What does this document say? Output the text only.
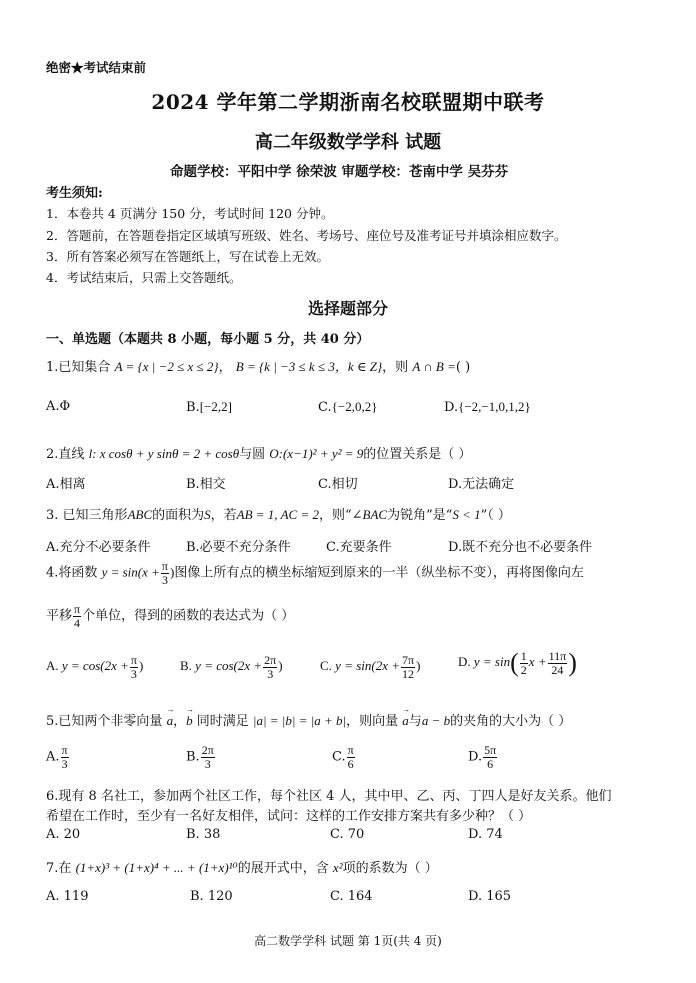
绝密★考试结束前
2024 学年第二学期浙南名校联盟期中联考
高二年级数学学科 试题
命题学校：平阳中学 徐荣波 审题学校：苍南中学 吴芬芬
考生须知:
1．本卷共 4 页满分 150 分，考试时间 120 分钟。
2．答题前，在答题卷指定区域填写班级、姓名、考场号、座位号及准考证号并填涂相应数字。
3．所有答案必须写在答题纸上，写在试卷上无效。
4．考试结束后，只需上交答题纸。
选择题部分
一、单选题（本题共 8 小题，每小题 5 分，共 40 分）
1.已知集合 A = {x | −2 ≤ x ≤ 2}， B = {k | −3 ≤ k ≤ 3，k ∈ Z}，则 A ∩ B =( )
A.Φ	B.[−2,2]	C.{−2,0,2}	D.{−2,−1,0,1,2}
2.直线 l: x cosθ + y sinθ = 2 + cosθ与圆 O:(x−1)² + y² = 9的位置关系是（ ）
A.相离	B.相交	C.相切	D.无法确定
3. 已知三角形ABC的面积为S，若AB = 1, AC = 2，则“∠BAC为锐角”是“S < 1”（ ）
A.充分不必要条件	B.必要不充分条件	C.充要条件	D.既不充分也不必要条件
4.将函数 $y = \sin(x + \frac{\pi}{3}$ )图像上所有点的横坐标缩短到原来的一半（纵坐标不变），再将图像向左
平移 $\frac{\pi}{4}$ 个单位，得到的函数的表达式为（ ）
A. $y = \cos(2x + \frac{\pi}{3}$ )	B. $y = \cos(2x + \frac{2\pi}{3}$ )	C. $y = \sin(2x + \frac{7\pi}{12}$ )	D. $y = \sin( \frac{1}{2}$ $x + \frac{11\pi}{24}$ )
5.已知两个非零向量 → a，→ b 同时满足 |a| = |b| = |a + b|，则向量 → a与a − b的夹角的大小为（ ）
A. $\frac{\pi}{3}$	B. $\frac{2\pi}{3}$	C. $\frac{\pi}{6}$	D. $\frac{5\pi}{6}$
6.现有 8 名社工，参加两个社区工作，每个社区 4 人，其中甲、乙、丙、丁四人是好友关系。他们
希望在工作时，至少有一名好友相伴，试问：这样的工作安排方案共有多少种？（ ）
A. 20	B. 38	C. 70	D. 74
7.在 (1+x)³ + (1+x)⁴ + ... + (1+x)¹⁰的展开式中，含 x²项的系数为（ ）
A. 119	B. 120	C. 164	D. 165
高二数学学科 试题 第 1页(共 4 页)
